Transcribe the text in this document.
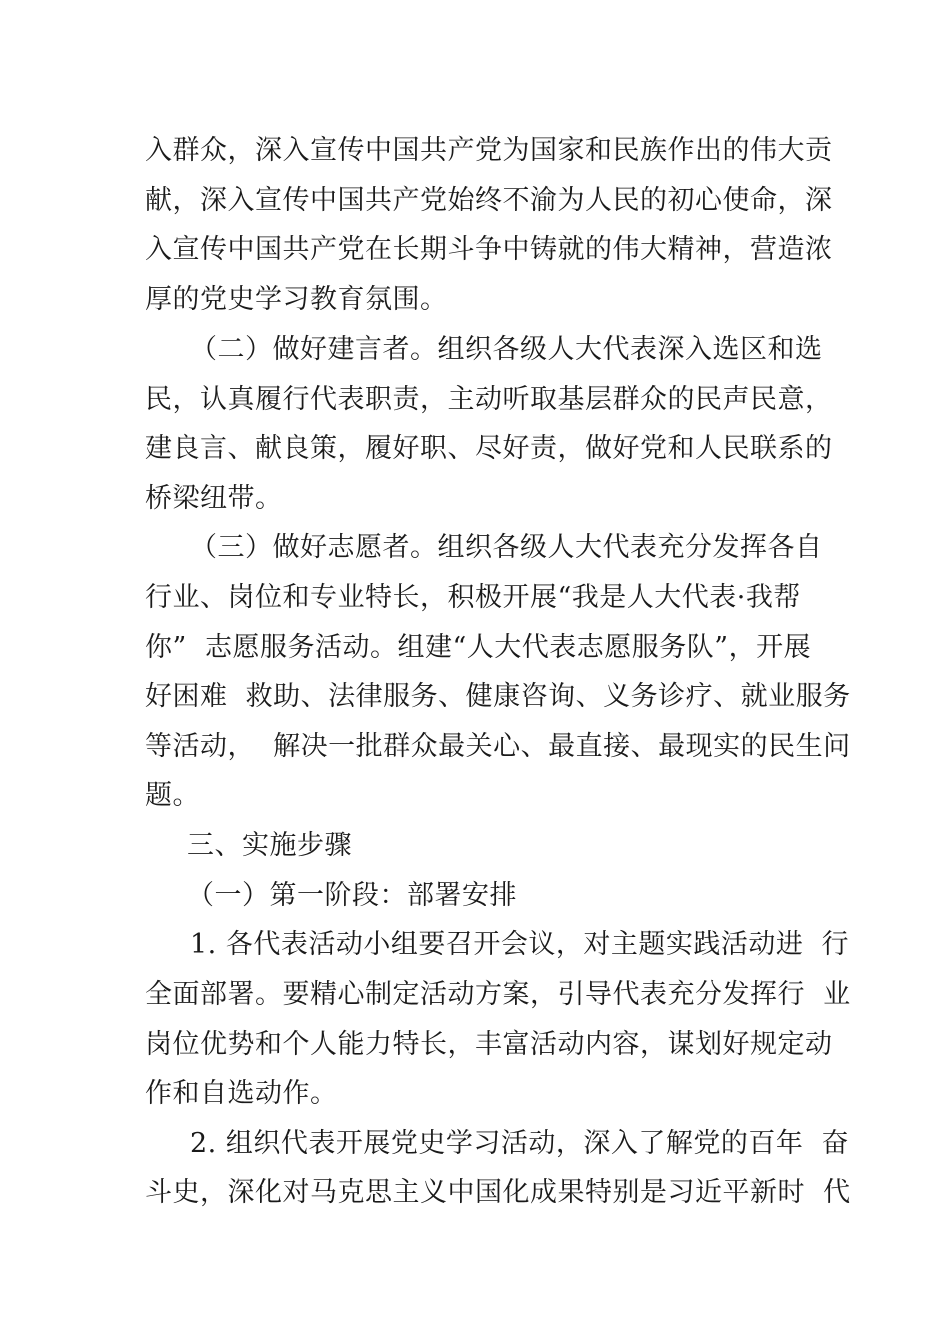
入群众，深入宣传中国共产党为国家和民族作出的伟大贡
献，深入宣传中国共产党始终不渝为人民的初心使命，深
入宣传中国共产党在长期斗争中铸就的伟大精神，营造浓
厚的党史学习教育氛围。
（二）做好建言者。组织各级人大代表深入选区和选
民，认真履行代表职责，主动听取基层群众的民声民意，
建良言、献良策，履好职、尽好责，做好党和人民联系的
桥梁纽带。
（三）做好志愿者。组织各级人大代表充分发挥各自
行业、岗位和专业特长，积极开展“我是人大代表·我帮
你”  志愿服务活动。组建“人大代表志愿服务队”，开展
好困难  救助、法律服务、健康咨询、义务诊疗、就业服务
等活动，  解决一批群众最关心、最直接、最现实的民生问
题。
三、实施步骤
（一）第一阶段：部署安排
1. 各代表活动小组要召开会议，对主题实践活动进  行
全面部署。要精心制定活动方案，引导代表充分发挥行  业
岗位优势和个人能力特长，丰富活动内容，谋划好规定动
作和自选动作。
2. 组织代表开展党史学习活动，深入了解党的百年  奋
斗史，深化对马克思主义中国化成果特别是习近平新时  代
